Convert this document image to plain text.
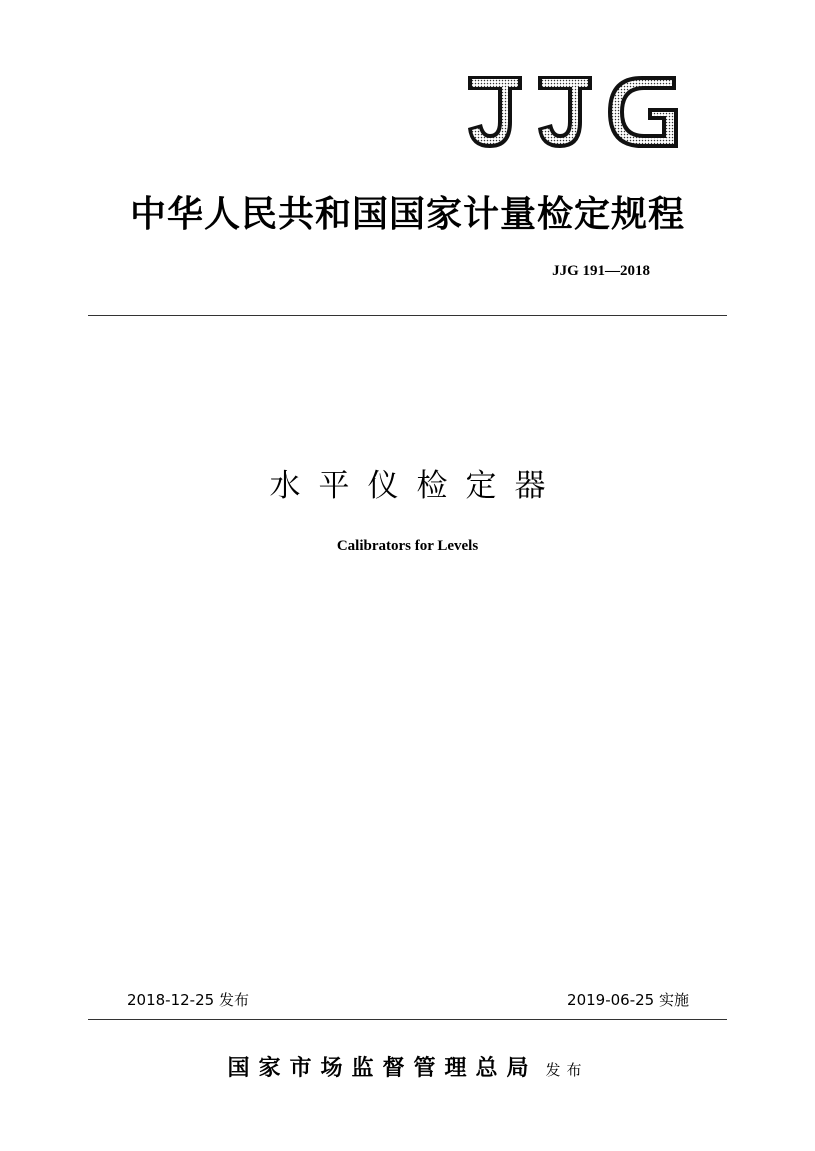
中华人民共和国国家计量检定规程
JJG 191—2018
水平仪检定器
Calibrators for Levels
2018-12-25 发布	2019-06-25 实施
国家市场监督管理总局 发布
